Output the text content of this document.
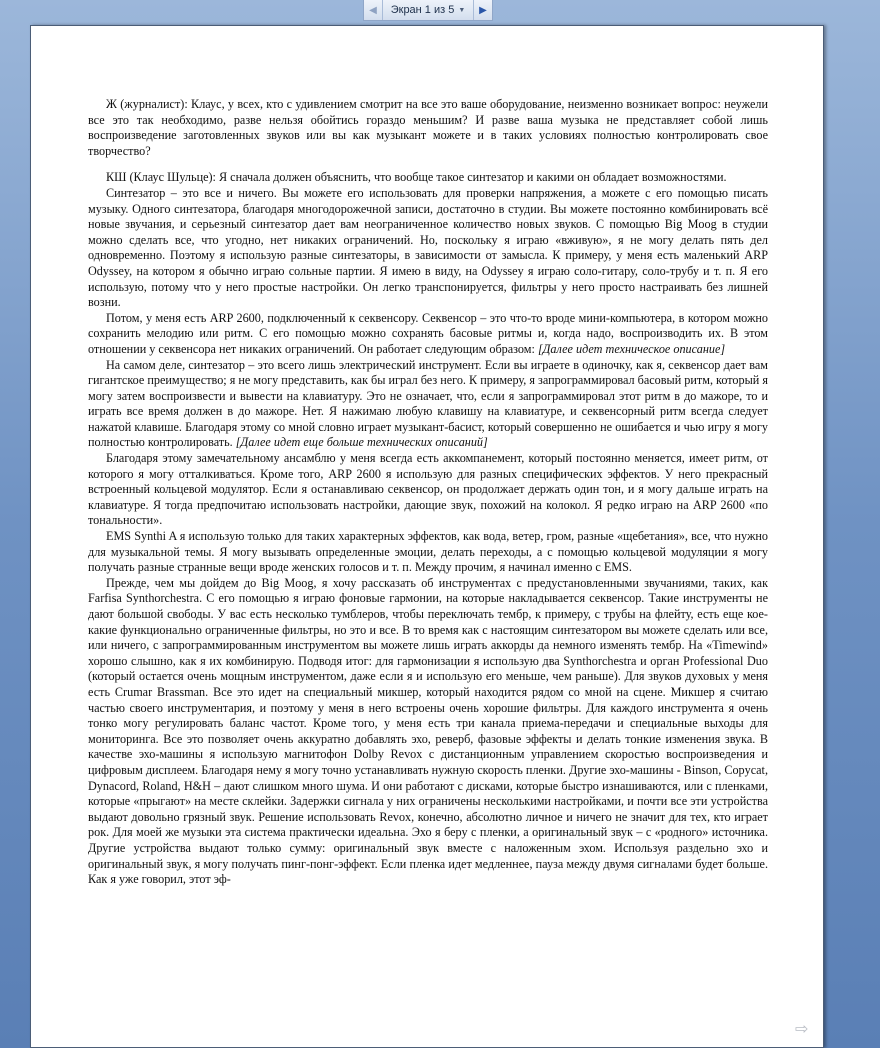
◀ Экран 1 из 5 ▼ ▶

Ж (журналист): Клаус, у всех, кто с удивлением смотрит на все это ваше оборудование, неизменно возникает вопрос: неужели все это так необходимо, разве нельзя обойтись гораздо меньшим? И разве ваша музыка не представляет собой лишь воспроизведение заготовленных звуков или вы как музыкант можете и в таких условиях полностью контролировать свое творчество?

КШ (Клаус Шульце): Я сначала должен объяснить, что вообще такое синтезатор и какими он обладает возможностями.

Синтезатор – это все и ничего. Вы можете его использовать для проверки напряжения, а можете с его помощью писать музыку. Одного синтезатора, благодаря многодорожечной записи, достаточно в студии. Вы можете постоянно комбинировать всё новые звучания, и серьезный синтезатор дает вам неограниченное количество новых звуков. С помощью Big Moog в студии можно сделать все, что угодно, нет никаких ограничений. Но, поскольку я играю «вживую», я не могу делать пять дел одновременно. Поэтому я использую разные синтезаторы, в зависимости от замысла. К примеру, у меня есть маленький ARP Odyssey, на котором я обычно играю сольные партии. Я имею в виду, на Odyssey я играю соло-гитару, соло-трубу и т. п. Я его использую, потому что у него простые настройки. Он легко транспонируется, фильтры у него просто настраивать без лишней возни.

Потом, у меня есть ARP 2600, подключенный к секвенсору. Секвенсор – это что-то вроде мини-компьютера, в котором можно сохранить мелодию или ритм. С его помощью можно сохранять басовые ритмы и, когда надо, воспроизводить их. В этом отношении у секвенсора нет никаких ограничений. Он работает следующим образом: [Далее идет техническое описание]

На самом деле, синтезатор – это всего лишь электрический инструмент. Если вы играете в одиночку, как я, секвенсор дает вам гигантское преимущество; я не могу представить, как бы играл без него. К примеру, я запрограммировал басовый ритм, который я могу затем воспроизвести и вывести на клавиатуру. Это не означает, что, если я запрограммировал этот ритм в до мажоре, то и играть все время должен в до мажоре. Нет. Я нажимаю любую клавишу на клавиатуре, и секвенсорный ритм всегда следует нажатой клавише. Благодаря этому со мной словно играет музыкант-басист, который совершенно не ошибается и чью игру я могу полностью контролировать. [Далее идет еще больше технических описаний]

Благодаря этому замечательному ансамблю у меня всегда есть аккомпанемент, который постоянно меняется, имеет ритм, от которого я могу отталкиваться. Кроме того, ARP 2600 я использую для разных специфических эффектов. У него прекрасный встроенный кольцевой модулятор. Если я останавливаю секвенсор, он продолжает держать один тон, и я могу дальше играть на клавиатуре. Я тогда предпочитаю использовать настройки, дающие звук, похожий на колокол. Я редко играю на ARP 2600 «по тональности».

EMS Synthi A я использую только для таких характерных эффектов, как вода, ветер, гром, разные «щебетания», все, что нужно для музыкальной темы. Я могу вызывать определенные эмоции, делать переходы, а с помощью кольцевой модуляции я могу получать разные странные вещи вроде женских голосов и т. п. Между прочим, я начинал именно с EMS.

Прежде, чем мы дойдем до Big Moog, я хочу рассказать об инструментах с предустановленными звучаниями, таких, как Farfisa Synthorchestra. С его помощью я играю фоновые гармонии, на которые накладывается секвенсор. Такие инструменты не дают большой свободы. У вас есть несколько тумблеров, чтобы переключать тембр, к примеру, с трубы на флейту, есть еще кое-какие функционально ограниченные фильтры, но это и все. В то время как с настоящим синтезатором вы можете сделать или все, или ничего, с запрограммированным инструментом вы можете лишь играть аккорды да немного изменять тембр. На «Timewind» хорошо слышно, как я их комбинирую. Подводя итог: для гармонизации я использую два Synthorchestra и орган Professional Duo (который остается очень мощным инструментом, даже если я и использую его меньше, чем раньше). Для звуков духовых у меня есть Crumar Brassman. Все это идет на специальный микшер, который находится рядом со мной на сцене. Микшер я считаю частью своего инструментария, и поэтому у меня в него встроены очень хорошие фильтры. Для каждого инструмента я очень тонко могу регулировать баланс частот. Кроме того, у меня есть три канала приема-передачи и специальные выходы для мониторинга. Все это позволяет очень аккуратно добавлять эхо, реверб, фазовые эффекты и делать тонкие изменения звука. В качестве эхо-машины я использую магнитофон Dolby Revox с дистанционным управлением скоростью воспроизведения и цифровым дисплеем. Благодаря нему я могу точно устанавливать нужную скорость пленки. Другие эхо-машины - Binson, Copycat, Dynacord, Roland, H&H – дают слишком много шума. И они работают с дисками, которые быстро изнашиваются, или с пленками, которые «прыгают» на месте склейки. Задержки сигнала у них ограничены несколькими настройками, и почти все эти устройства выдают довольно грязный звук. Решение использовать Revox, конечно, абсолютно личное и ничего не значит для тех, кто играет рок. Для моей же музыки эта система практически идеальна. Эхо я беру с пленки, а оригинальный звук – с «родного» источника. Другие устройства выдают только сумму: оригинальный звук вместе с наложенным эхом. Используя раздельно эхо и оригинальный звук, я могу получать пинг-понг-эффект. Если пленка идет медленнее, пауза между двумя сигналами будет больше. Как я уже говорил, этот эф-

⇨
